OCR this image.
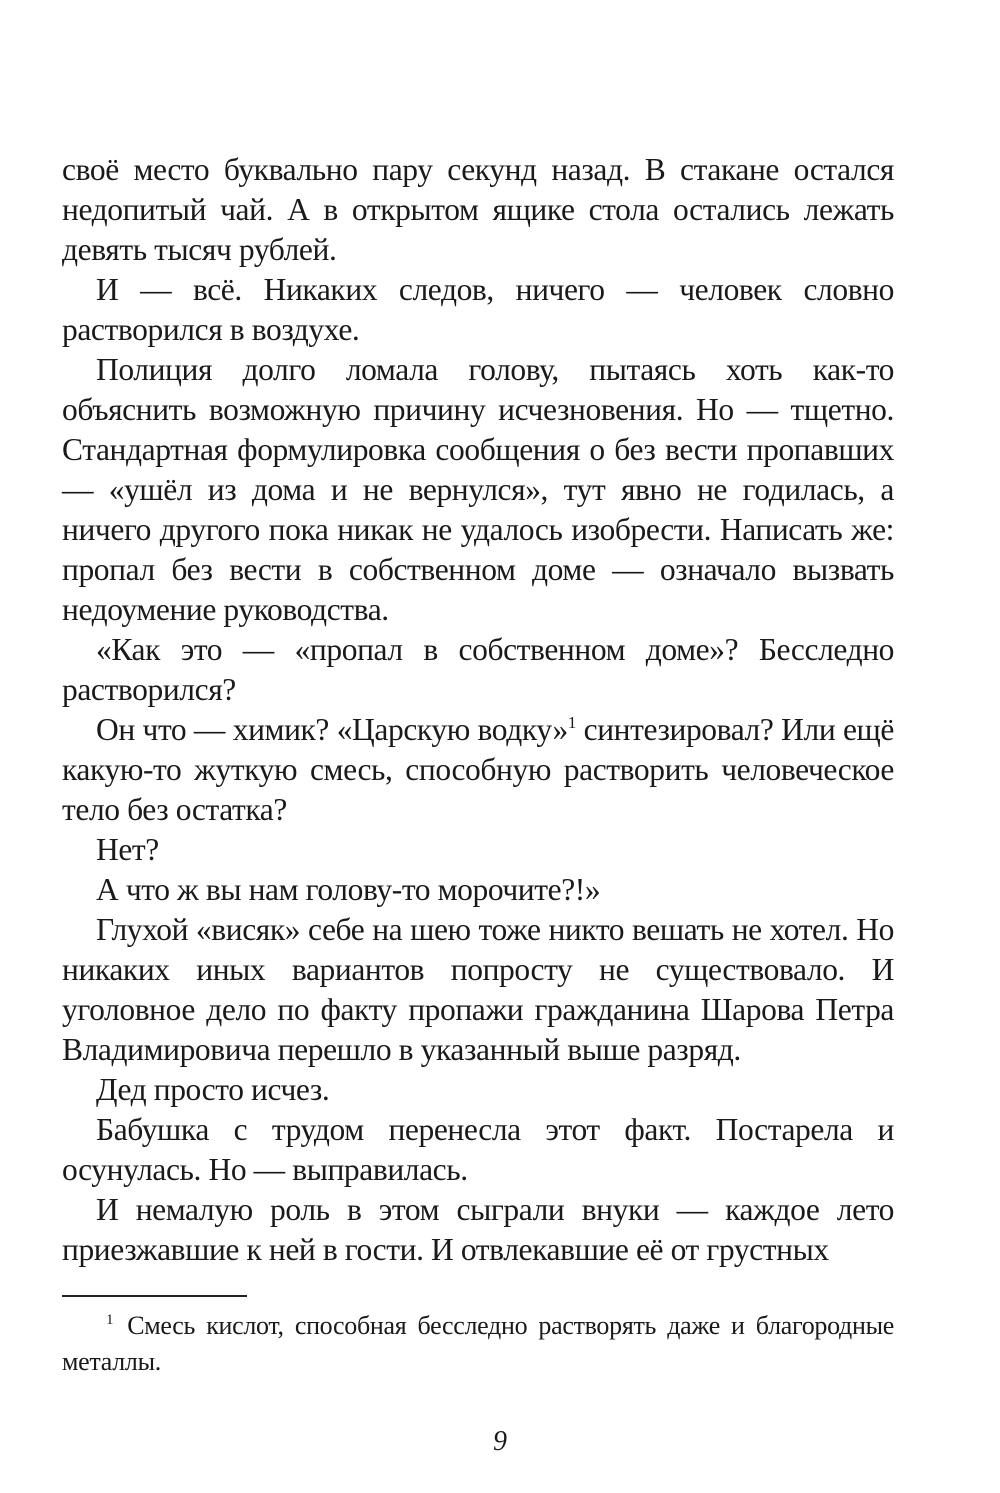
своё место буквально пару секунд назад. В стакане остался недопитый чай. А в открытом ящике стола остались лежать девять тысяч рублей.

И — всё. Никаких следов, ничего — человек словно растворился в воздухе.

Полиция долго ломала голову, пытаясь хоть как-то объяснить возможную причину исчезновения. Но — тщетно. Стандартная формулировка сообщения о без вести пропавших — «ушёл из дома и не вернулся», тут явно не годилась, а ничего другого пока никак не удалось изобрести. Написать же: пропал без вести в собственном доме — означало вызвать недоумение руководства.

«Как это — «пропал в собственном доме»? Бесследно растворился?

Он что — химик? «Царскую водку»$^1$ синтезировал? Или ещё какую-то жуткую смесь, способную растворить человеческое тело без остатка?

Нет?

А что ж вы нам голову-то морочите?!»

Глухой «висяк» себе на шею тоже никто вешать не хотел. Но никаких иных вариантов попросту не существовало. И уголовное дело по факту пропажи гражданина Шарова Петра Владимировича перешло в указанный выше разряд.

Дед просто исчез.

Бабушка с трудом перенесла этот факт. Постарела и осунулась. Но — выправилась.

И немалую роль в этом сыграли внуки — каждое лето приезжавшие к ней в гости. И отвлекавшие её от грустных

$^1$ Смесь кислот, способная бесследно растворять даже и благородные металлы.
9
